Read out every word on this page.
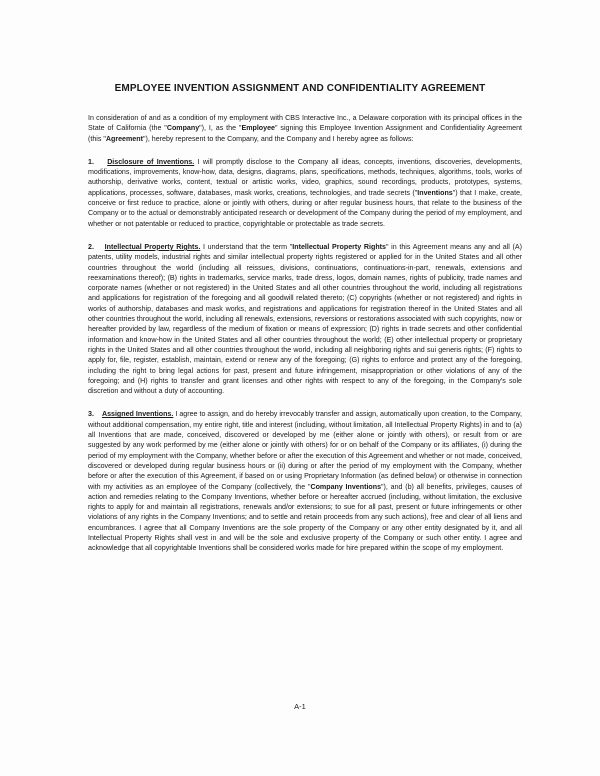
EMPLOYEE INVENTION ASSIGNMENT AND CONFIDENTIALITY AGREEMENT

In consideration of and as a condition of my employment with CBS Interactive Inc., a Delaware corporation with its principal offices in the State of California (the "Company"), I, as the "Employee" signing this Employee Invention Assignment and Confidentiality Agreement (this "Agreement"), hereby represent to the Company, and the Company and I hereby agree as follows:

1. Disclosure of Inventions. I will promptly disclose to the Company all ideas, concepts, inventions, discoveries, developments, modifications, improvements, know-how, data, designs, diagrams, plans, specifications, methods, techniques, algorithms, tools, works of authorship, derivative works, content, textual or artistic works, video, graphics, sound recordings, products, prototypes, systems, applications, processes, software, databases, mask works, creations, technologies, and trade secrets ("Inventions") that I make, create, conceive or first reduce to practice, alone or jointly with others, during or after regular business hours, that relate to the business of the Company or to the actual or demonstrably anticipated research or development of the Company during the period of my employment, and whether or not patentable or reduced to practice, copyrightable or protectable as trade secrets.

2. Intellectual Property Rights. I understand that the term "Intellectual Property Rights" in this Agreement means any and all (A) patents, utility models, industrial rights and similar intellectual property rights registered or applied for in the United States and all other countries throughout the world (including all reissues, divisions, continuations, continuations-in-part, renewals, extensions and reexaminations thereof); (B) rights in trademarks, service marks, trade dress, logos, domain names, rights of publicity, trade names and corporate names (whether or not registered) in the United States and all other countries throughout the world, including all registrations and applications for registration of the foregoing and all goodwill related thereto; (C) copyrights (whether or not registered) and rights in works of authorship, databases and mask works, and registrations and applications for registration thereof in the United States and all other countries throughout the world, including all renewals, extensions, reversions or restorations associated with such copyrights, now or hereafter provided by law, regardless of the medium of fixation or means of expression; (D) rights in trade secrets and other confidential information and know-how in the United States and all other countries throughout the world; (E) other intellectual property or proprietary rights in the United States and all other countries throughout the world, including all neighboring rights and sui generis rights; (F) rights to apply for, file, register, establish, maintain, extend or renew any of the foregoing; (G) rights to enforce and protect any of the foregoing, including the right to bring legal actions for past, present and future infringement, misappropriation or other violations of any of the foregoing; and (H) rights to transfer and grant licenses and other rights with respect to any of the foregoing, in the Company's sole discretion and without a duty of accounting.

3. Assigned Inventions. I agree to assign, and do hereby irrevocably transfer and assign, automatically upon creation, to the Company, without additional compensation, my entire right, title and interest (including, without limitation, all Intellectual Property Rights) in and to (a) all Inventions that are made, conceived, discovered or developed by me (either alone or jointly with others), or result from or are suggested by any work performed by me (either alone or jointly with others) for or on behalf of the Company or its affiliates, (i) during the period of my employment with the Company, whether before or after the execution of this Agreement and whether or not made, conceived, discovered or developed during regular business hours or (ii) during or after the period of my employment with the Company, whether before or after the execution of this Agreement, if based on or using Proprietary Information (as defined below) or otherwise in connection with my activities as an employee of the Company (collectively, the "Company Inventions"), and (b) all benefits, privileges, causes of action and remedies relating to the Company Inventions, whether before or hereafter accrued (including, without limitation, the exclusive rights to apply for and maintain all registrations, renewals and/or extensions; to sue for all past, present or future infringements or other violations of any rights in the Company Inventions; and to settle and retain proceeds from any such actions), free and clear of all liens and encumbrances. I agree that all Company Inventions are the sole property of the Company or any other entity designated by it, and all Intellectual Property Rights shall vest in and will be the sole and exclusive property of the Company or such other entity. I agree and acknowledge that all copyrightable Inventions shall be considered works made for hire prepared within the scope of my employment.

A-1
